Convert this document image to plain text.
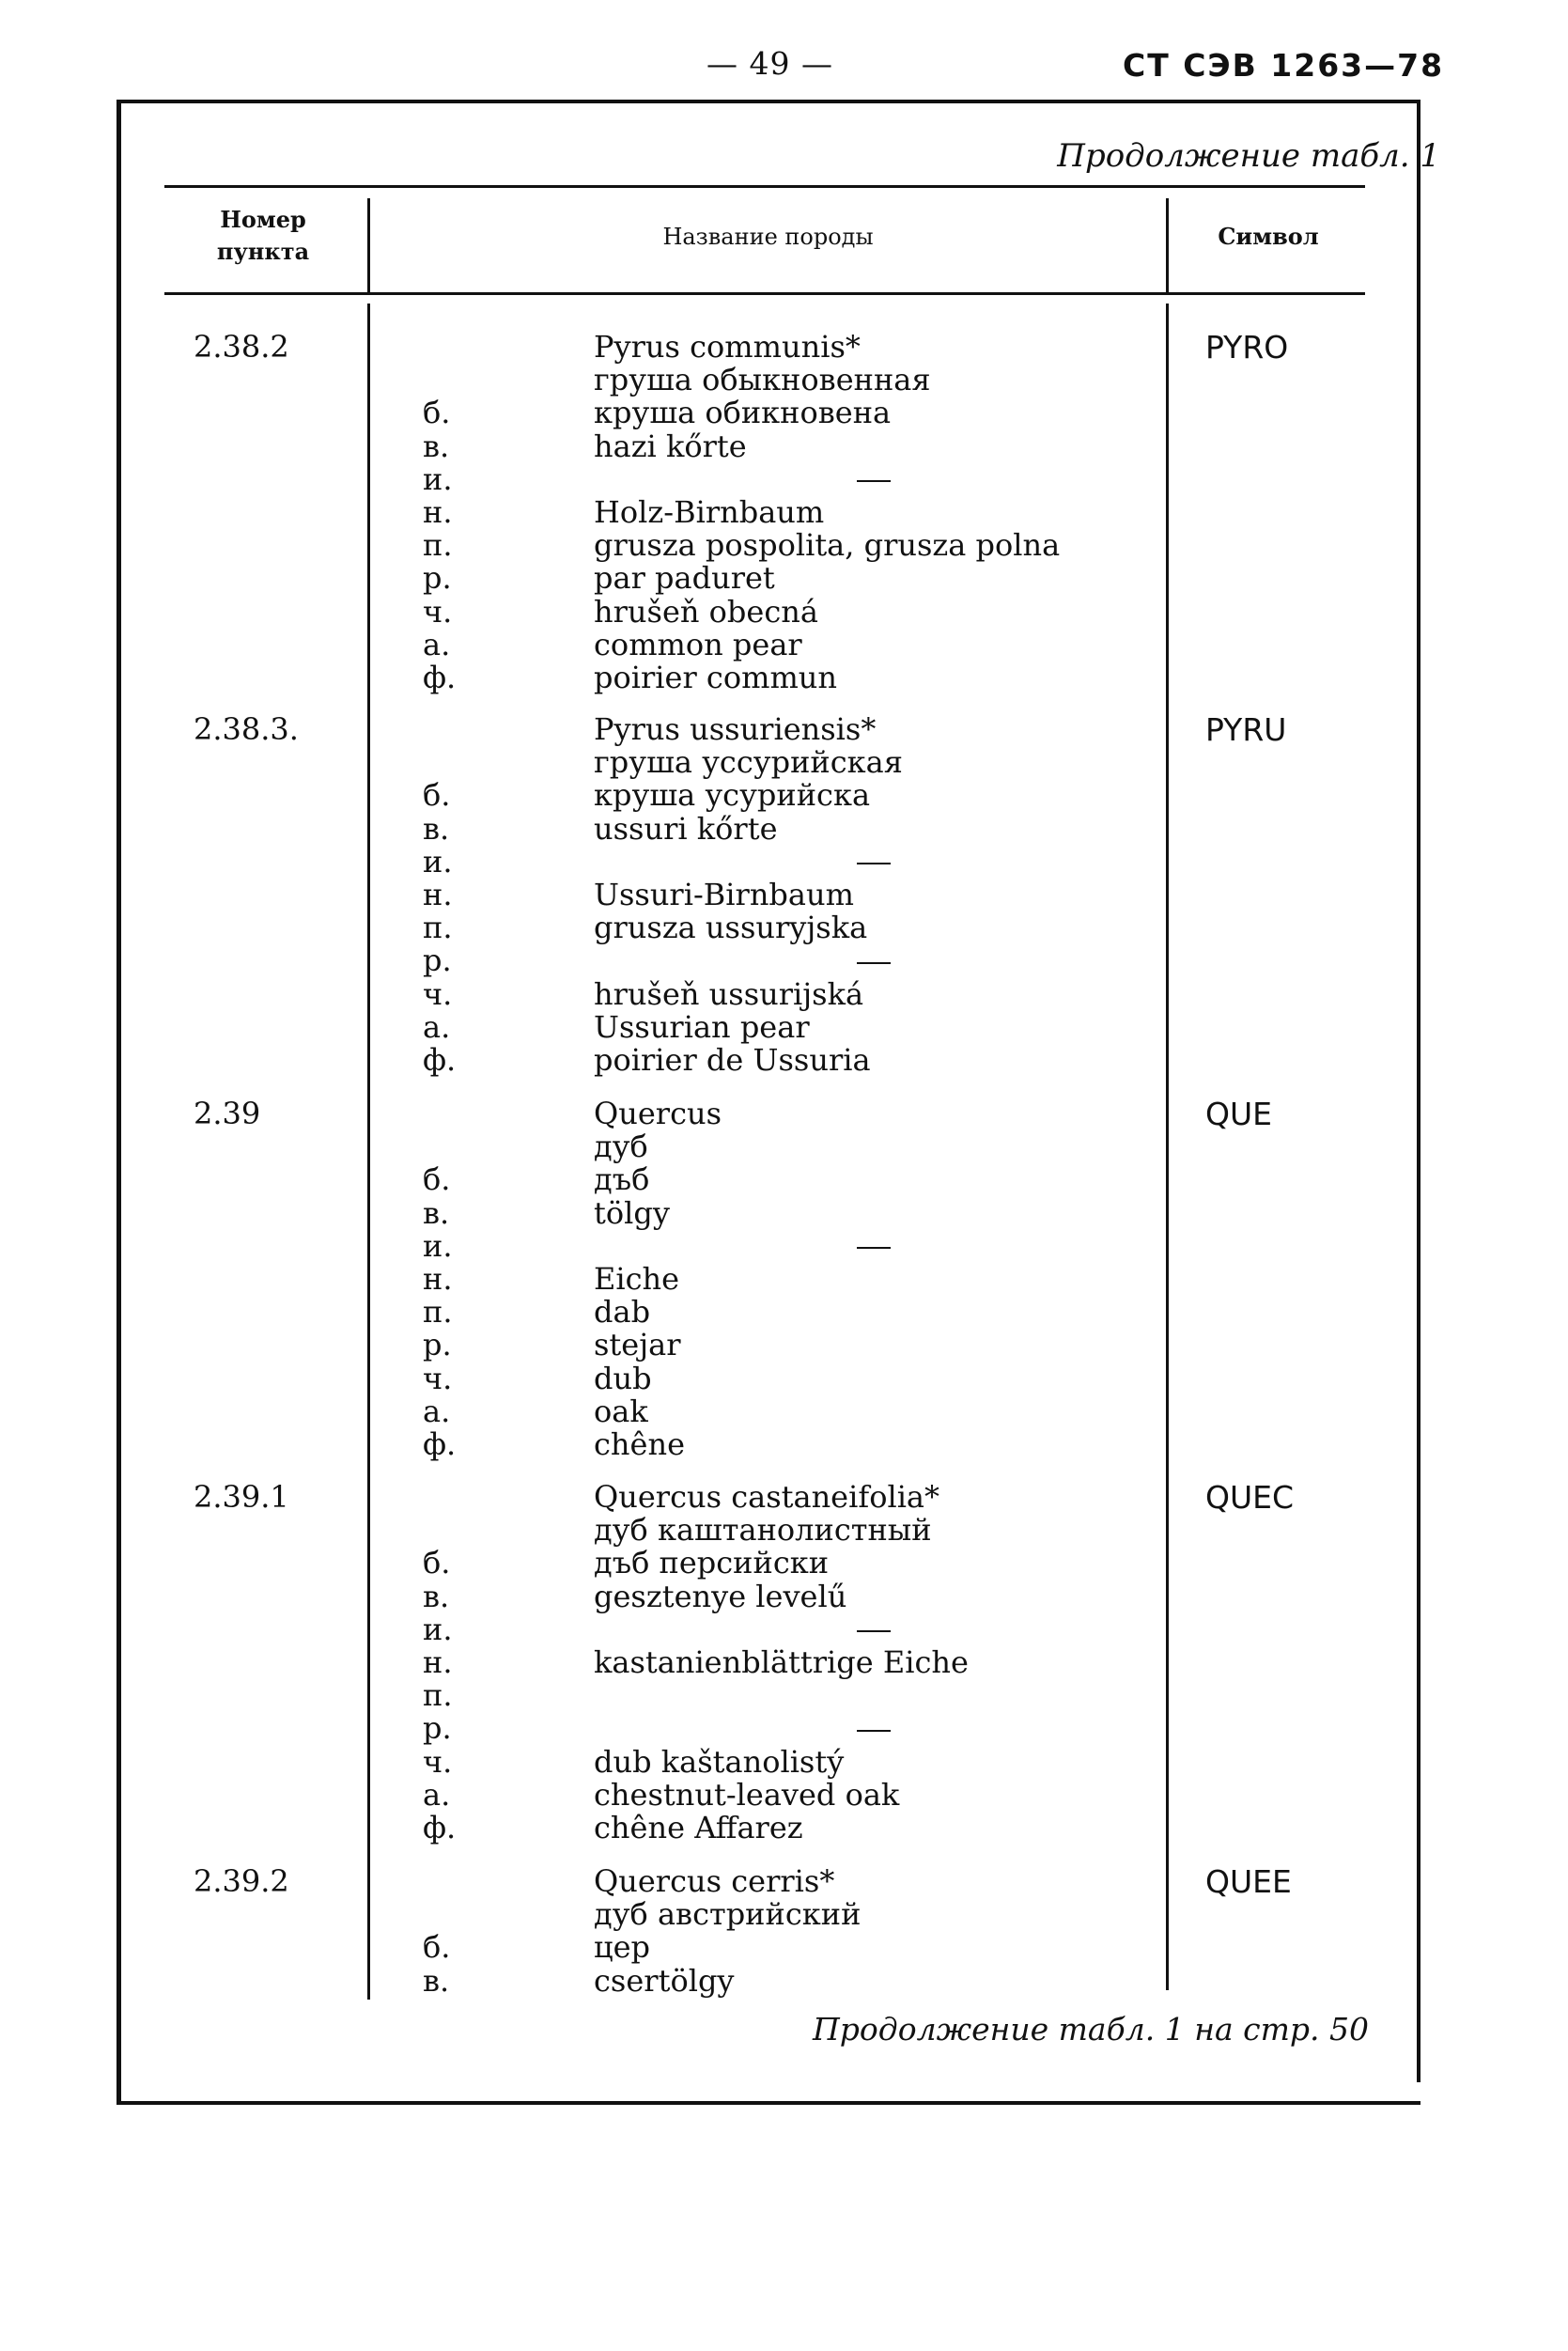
— 49 —	СТ СЭВ 1263—78
Продолжение табл. 1
Номер
пункта
Название породы	Символ
2.38.2	Pyrus communis*	PYRO
груша обыкновенная
б.	круша обикновена
в.	hazi kőrte
и.
н.	Holz-Birnbaum
п.	grusza pospolita, grusza polna
р.	par paduret
ч.	hrušeň obecná
а.	common pear
ф.	poirier commun
2.38.3.	Pyrus ussuriensis*	PYRU
груша уссурийская
б.	круша усурийска
в.	ussuri kőrte
и.
н.	Ussuri-Birnbaum
п.	grusza ussuryjska
р.
ч.	hrušeň ussurijská
а.	Ussurian pear
ф.	poirier de Ussuria
2.39	Quercus	QUE
дуб
б.	дъб
в.	tölgy
и.
н.	Eiche
п.	dab
р.	stejar
ч.	dub
а.	oak
ф.	chêne
2.39.1	Quercus castaneifolia*	QUEC
дуб каштанолистный
б.	дъб персийски
в.	gesztenye levelű
и.
н.	kastanienblättrige Eiche
п.
р.
ч.	dub kaštanolistý
а.	chestnut-leaved oak
ф.	chêne Affarez
2.39.2	Quercus cerris*	QUEE
дуб австрийский
б.	цер
в.	csertölgy
Продолжение табл. 1 на стр. 50
